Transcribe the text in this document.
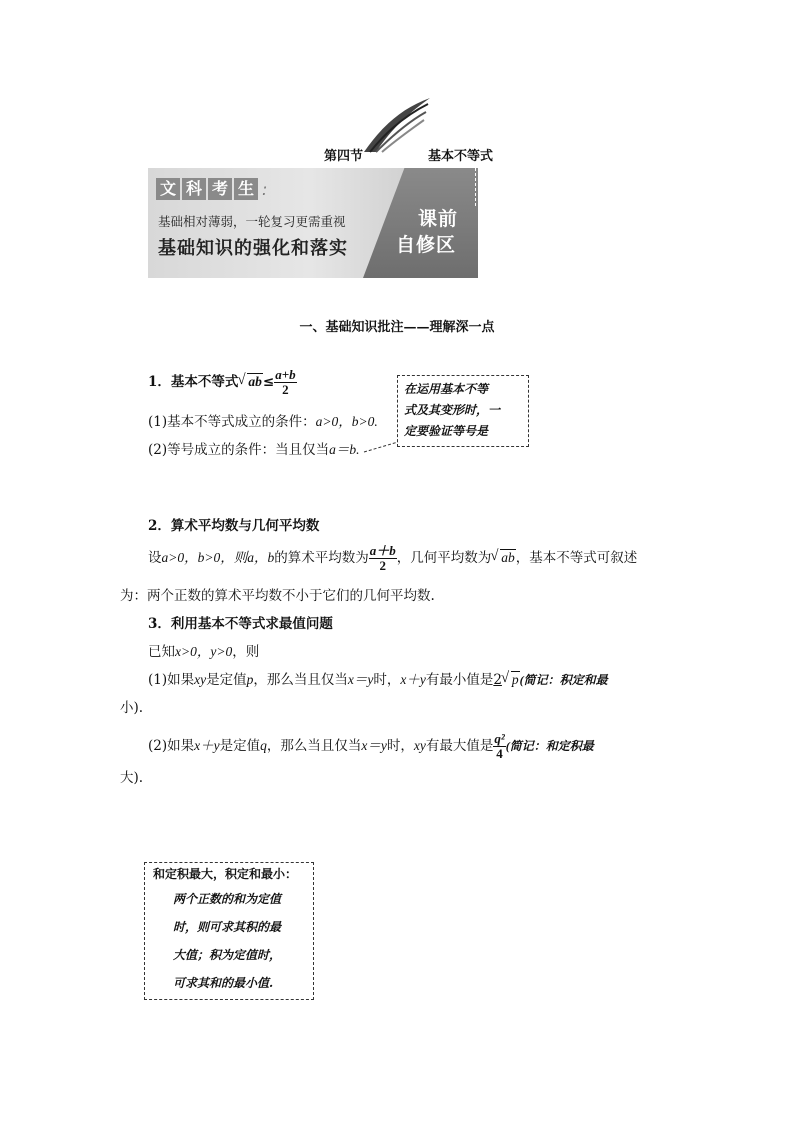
第四节	基本不等式
文 科 考 生 :
基础相对薄弱，一轮复习更需重视
基础知识的强化和落实
课前
自修区
一、基础知识批注——理解深一点
1．基本不等式 √ $ab\le \frac{a+b}{2}$
(1)基本不等式成立的条件：a>0，b>0.
(2)等号成立的条件：当且仅当a＝b.
在运用基本不等
式及其变形时，一
定要验证等号是
2．算术平均数与几何平均数
设a>0，b>0，则a，b的算术平均数为 $\frac{a+b}{2}$ ，几何平均数为 √ ab，基本不等式可叙述
为：两个正数的算术平均数不小于它们的几何平均数.
3．利用基本不等式求最值问题
已知x>0，y>0，则
(1)如果xy是定值p，那么当且仅当x＝y时，x＋y有最小值是2 √ p(简记：积定和最
小).
(2)如果x＋y是定值q，那么当且仅当x＝y时，xy有最大值是 $\frac{\text{q²}}{4}$ (简记：和定积最
大).
和定积最大，积定和最小：
两个正数的和为定值
时，则可求其积的最
大值；积为定值时，
可求其和的最小值.
